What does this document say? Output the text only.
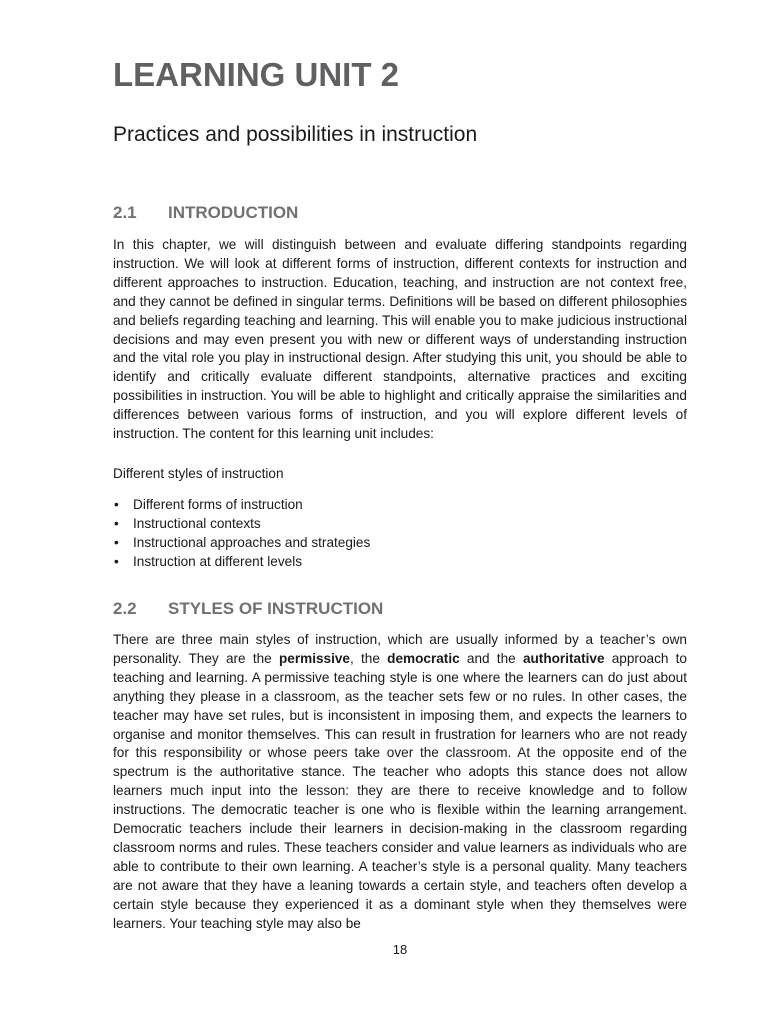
LEARNING UNIT 2
Practices and possibilities in instruction
2.1 INTRODUCTION

In this chapter, we will distinguish between and evaluate differing standpoints regarding instruction. We will look at different forms of instruction, different contexts for instruction and different approaches to instruction. Education, teaching, and instruction are not context free, and they cannot be defined in singular terms. Definitions will be based on different philosophies and beliefs regarding teaching and learning. This will enable you to make judicious instructional decisions and may even present you with new or different ways of understanding instruction and the vital role you play in instructional design. After studying this unit, you should be able to identify and critically evaluate different standpoints, alternative practices and exciting possibilities in instruction. You will be able to highlight and critically appraise the similarities and differences between various forms of instruction, and you will explore different levels of instruction. The content for this learning unit includes:

Different styles of instruction

• Different forms of instruction
• Instructional contexts
• Instructional approaches and strategies
• Instruction at different levels
2.2 STYLES OF INSTRUCTION

There are three main styles of instruction, which are usually informed by a teacher’s own personality. They are the permissive, the democratic and the authoritative approach to teaching and learning. A permissive teaching style is one where the learners can do just about anything they please in a classroom, as the teacher sets few or no rules. In other cases, the teacher may have set rules, but is inconsistent in imposing them, and expects the learners to organise and monitor themselves. This can result in frustration for learners who are not ready for this responsibility or whose peers take over the classroom. At the opposite end of the spectrum is the authoritative stance. The teacher who adopts this stance does not allow learners much input into the lesson: they are there to receive knowledge and to follow instructions. The democratic teacher is one who is flexible within the learning arrangement. Democratic teachers include their learners in decision-making in the classroom regarding classroom norms and rules. These teachers consider and value learners as individuals who are able to contribute to their own learning. A teacher’s style is a personal quality. Many teachers are not aware that they have a leaning towards a certain style, and teachers often develop a certain style because they experienced it as a dominant style when they themselves were learners. Your teaching style may also be

18
